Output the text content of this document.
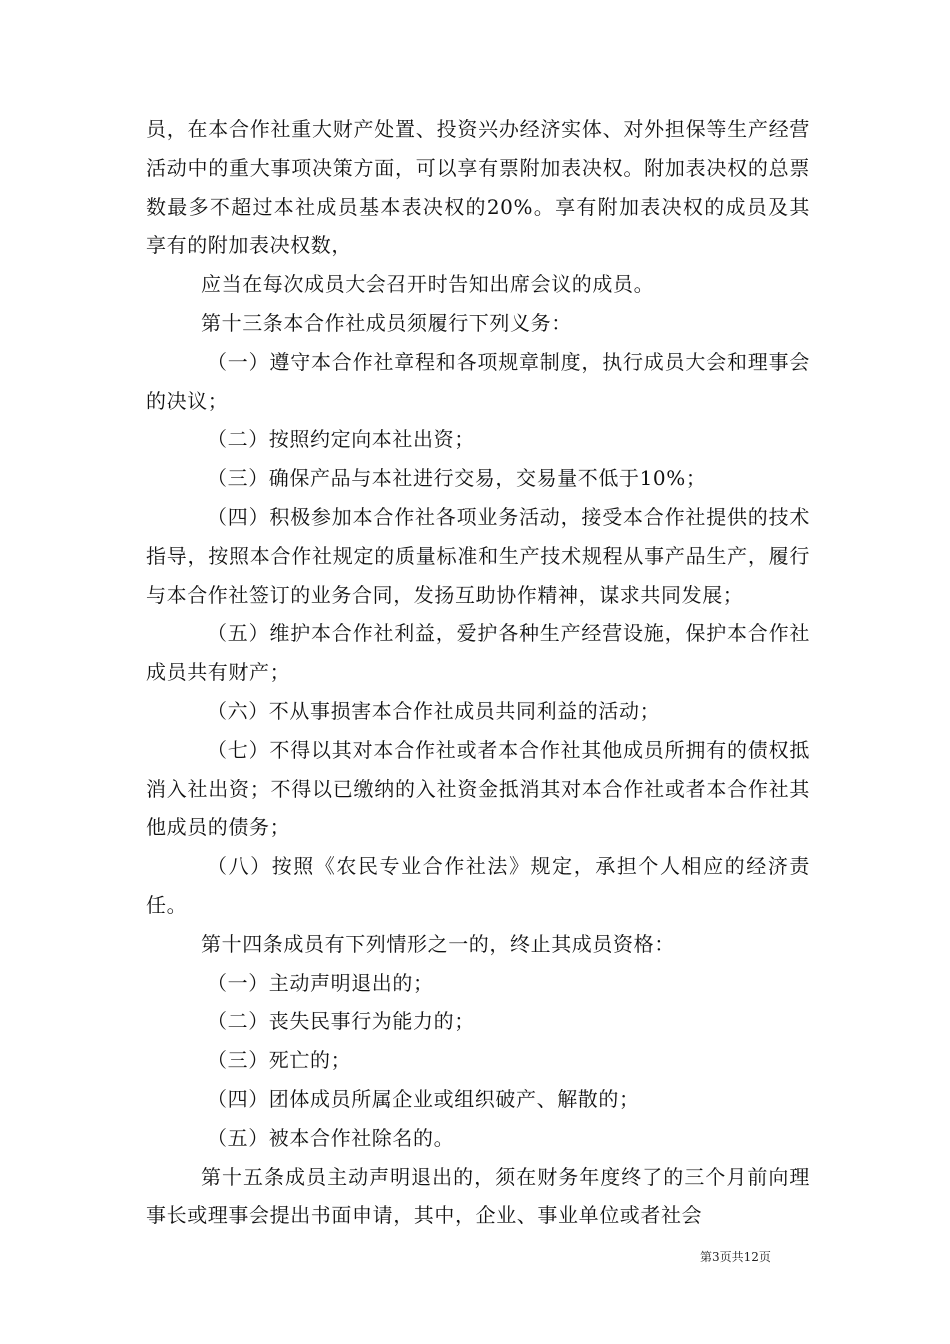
员，在本合作社重大财产处置、投资兴办经济实体、对外担保等生产经营活动中的重大事项决策方面，可以享有票附加表决权。附加表决权的总票数最多不超过本社成员基本表决权的20%。享有附加表决权的成员及其享有的附加表决权数，

应当在每次成员大会召开时告知出席会议的成员。

第十三条本合作社成员须履行下列义务：

（一）遵守本合作社章程和各项规章制度，执行成员大会和理事会的决议；

（二）按照约定向本社出资；

（三）确保产品与本社进行交易，交易量不低于10%；

（四）积极参加本合作社各项业务活动，接受本合作社提供的技术指导，按照本合作社规定的质量标准和生产技术规程从事产品生产，履行与本合作社签订的业务合同，发扬互助协作精神，谋求共同发展；

（五）维护本合作社利益，爱护各种生产经营设施，保护本合作社成员共有财产；

（六）不从事损害本合作社成员共同利益的活动；

（七）不得以其对本合作社或者本合作社其他成员所拥有的债权抵消入社出资；不得以已缴纳的入社资金抵消其对本合作社或者本合作社其他成员的债务；

（八）按照《农民专业合作社法》规定，承担个人相应的经济责任。

第十四条成员有下列情形之一的，终止其成员资格：

（一）主动声明退出的；

（二）丧失民事行为能力的；

（三）死亡的；

（四）团体成员所属企业或组织破产、解散的；

（五）被本合作社除名的。

第十五条成员主动声明退出的，须在财务年度终了的三个月前向理事长或理事会提出书面申请，其中，企业、事业单位或者社会

第3页共12页
